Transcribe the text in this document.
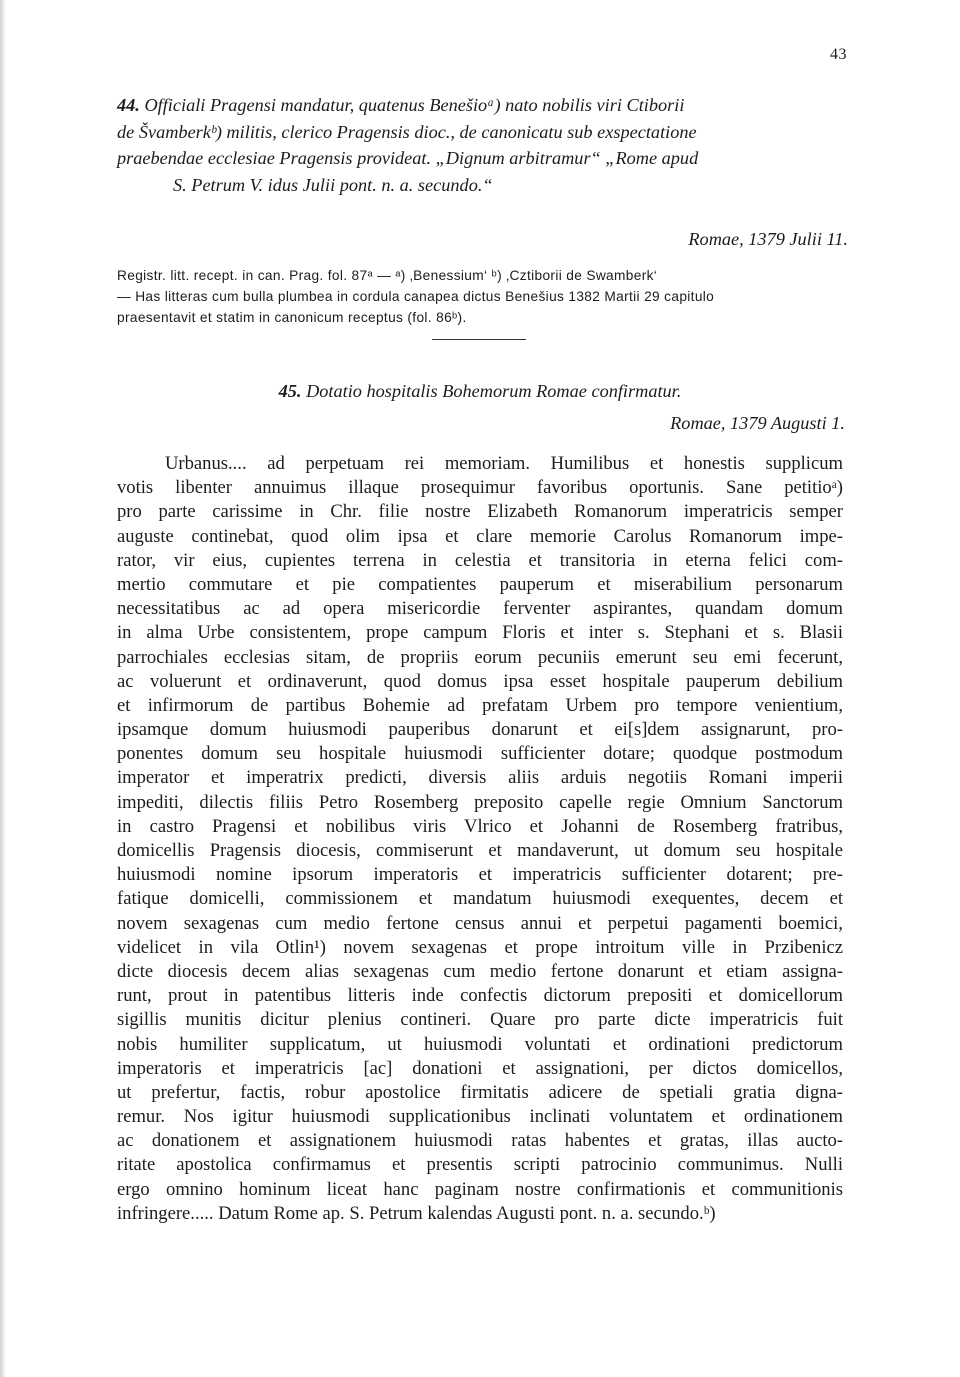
43
44. Officiali Pragensi mandatur, quatenus Benešioᵃ) nato nobilis viri Ctiborii
de Švamberkᵇ) militis, clerico Pragensis dioc., de canonicatu sub exspectatione
praebendae ecclesiae Pragensis provideat. „Dignum arbitramur“ „Rome apud
S. Petrum V. idus Julii pont. n. a. secundo.“
Romae, 1379 Julii 11.
Registr. litt. recept. in can. Prag. fol. 87ᵃ — ᵃ) ‚Benessium‘ ᵇ) ‚Cztiborii de Swamberk‘
— Has litteras cum bulla plumbea in cordula canapea dictus Benešius 1382 Martii 29 capitulo
praesentavit et statim in canonicum receptus (fol. 86ᵇ).
45. Dotatio hospitalis Bohemorum Romae confirmatur.
Romae, 1379 Augusti 1.
Urbanus.... ad perpetuam rei memoriam. Humilibus et honestis supplicum
votis libenter annuimus illaque prosequimur favoribus oportunis. Sane petitioᵃ)
pro parte carissime in Chr. filie nostre Elizabeth Romanorum imperatricis semper
auguste continebat, quod olim ipsa et clare memorie Carolus Romanorum impe-
rator, vir eius, cupientes terrena in celestia et transitoria in eterna felici com-
mertio commutare et pie compatientes pauperum et miserabilium personarum
necessitatibus ac ad opera misericordie ferventer aspirantes, quandam domum
in alma Urbe consistentem, prope campum Floris et inter s. Stephani et s. Blasii
parrochiales ecclesias sitam, de propriis eorum pecuniis emerunt seu emi fecerunt,
ac voluerunt et ordinaverunt, quod domus ipsa esset hospitale pauperum debilium
et infirmorum de partibus Bohemie ad prefatam Urbem pro tempore venientium,
ipsamque domum huiusmodi pauperibus donarunt et ei[s]dem assignarunt, pro-
ponentes domum seu hospitale huiusmodi sufficienter dotare; quodque postmodum
imperator et imperatrix predicti, diversis aliis arduis negotiis Romani imperii
impediti, dilectis filiis Petro Rosemberg preposito capelle regie Omnium Sanctorum
in castro Pragensi et nobilibus viris Vlrico et Johanni de Rosemberg fratribus,
domicellis Pragensis diocesis, commiserunt et mandaverunt, ut domum seu hospitale
huiusmodi nomine ipsorum imperatoris et imperatricis sufficienter dotarent; pre-
fatique domicelli, commissionem et mandatum huiusmodi exequentes, decem et
novem sexagenas cum medio fertone census annui et perpetui pagamenti boemici,
videlicet in vila Otlin¹) novem sexagenas et prope introitum ville in Przibenicz
dicte diocesis decem alias sexagenas cum medio fertone donarunt et etiam assigna-
runt, prout in patentibus litteris inde confectis dictorum prepositi et domicellorum
sigillis munitis dicitur plenius contineri. Quare pro parte dicte imperatricis fuit
nobis humiliter supplicatum, ut huiusmodi voluntati et ordinationi predictorum
imperatoris et imperatricis [ac] donationi et assignationi, per dictos domicellos,
ut prefertur, factis, robur apostolice firmitatis adicere de spetiali gratia digna-
remur. Nos igitur huiusmodi supplicationibus inclinati voluntatem et ordinationem
ac donationem et assignationem huiusmodi ratas habentes et gratas, illas aucto-
ritate apostolica confirmamus et presentis scripti patrocinio communimus. Nulli
ergo omnino hominum liceat hanc paginam nostre confirmationis et communitionis
infringere..... Datum Rome ap. S. Petrum kalendas Augusti pont. n. a. secundo.ᵇ)
